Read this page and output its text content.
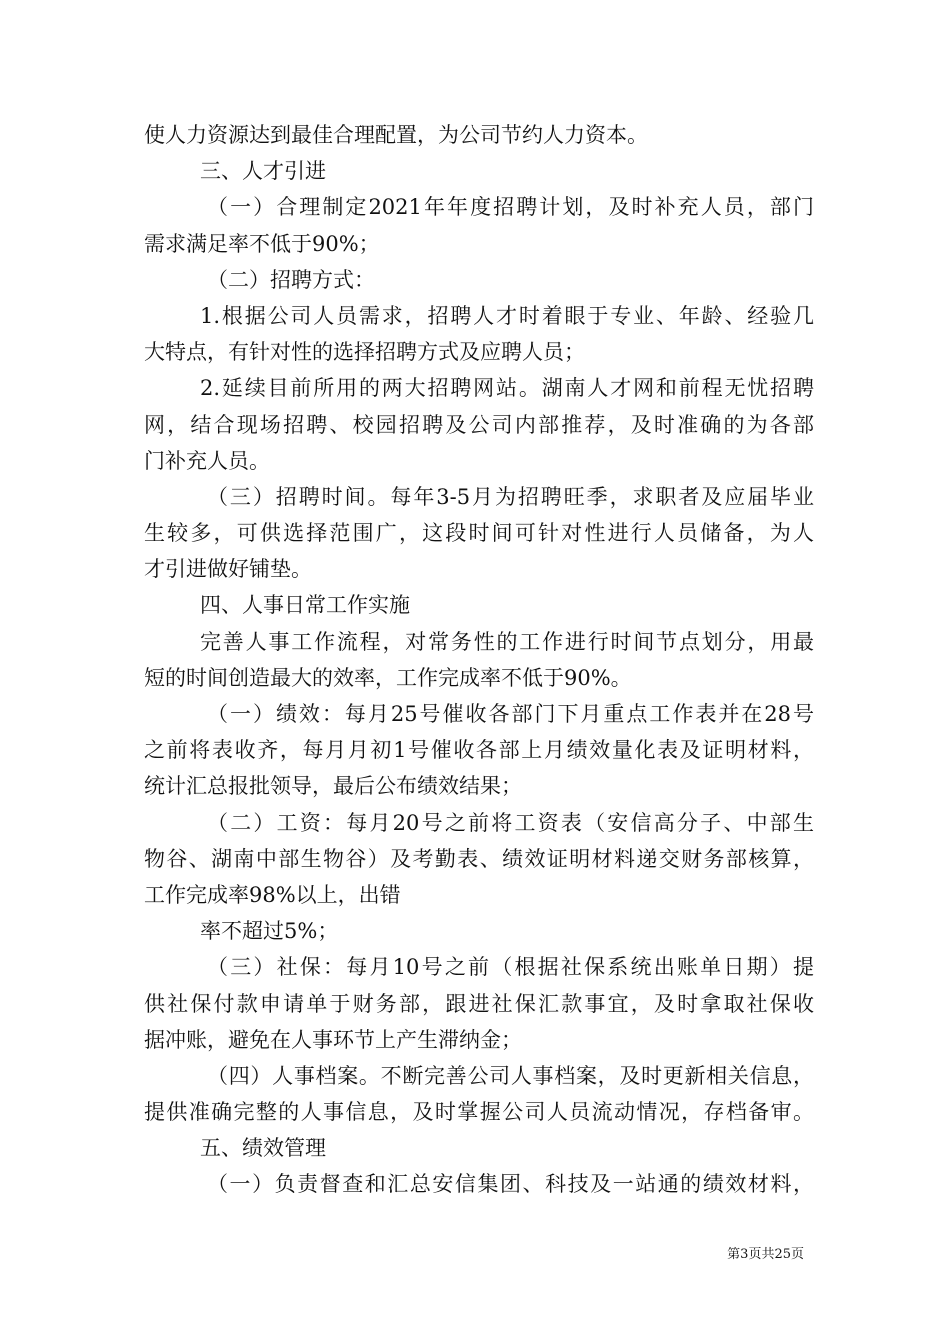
使人力资源达到最佳合理配置，为公司节约人力资本。
三、人才引进
（一）合理制定2021年年度招聘计划，及时补充人员，部门
需求满足率不低于90%；
（二）招聘方式：
1.根据公司人员需求，招聘人才时着眼于专业、年龄、经验几
大特点，有针对性的选择招聘方式及应聘人员；
2.延续目前所用的两大招聘网站。湖南人才网和前程无忧招聘
网，结合现场招聘、校园招聘及公司内部推荐，及时准确的为各部
门补充人员。
（三）招聘时间。每年3-5月为招聘旺季，求职者及应届毕业
生较多，可供选择范围广，这段时间可针对性进行人员储备，为人
才引进做好铺垫。
四、人事日常工作实施
完善人事工作流程，对常务性的工作进行时间节点划分，用最
短的时间创造最大的效率，工作完成率不低于90%。
（一）绩效：每月25号催收各部门下月重点工作表并在28号
之前将表收齐，每月月初1号催收各部上月绩效量化表及证明材料，
统计汇总报批领导，最后公布绩效结果；
（二）工资：每月20号之前将工资表（安信高分子、中部生
物谷、湖南中部生物谷）及考勤表、绩效证明材料递交财务部核算，
工作完成率98%以上，出错
率不超过5%；
（三）社保：每月10号之前（根据社保系统出账单日期）提
供社保付款申请单于财务部，跟进社保汇款事宜，及时拿取社保收
据冲账，避免在人事环节上产生滞纳金；
（四）人事档案。不断完善公司人事档案，及时更新相关信息，
提供准确完整的人事信息，及时掌握公司人员流动情况，存档备审。
五、绩效管理
（一）负责督查和汇总安信集团、科技及一站通的绩效材料，
第3页共25页
